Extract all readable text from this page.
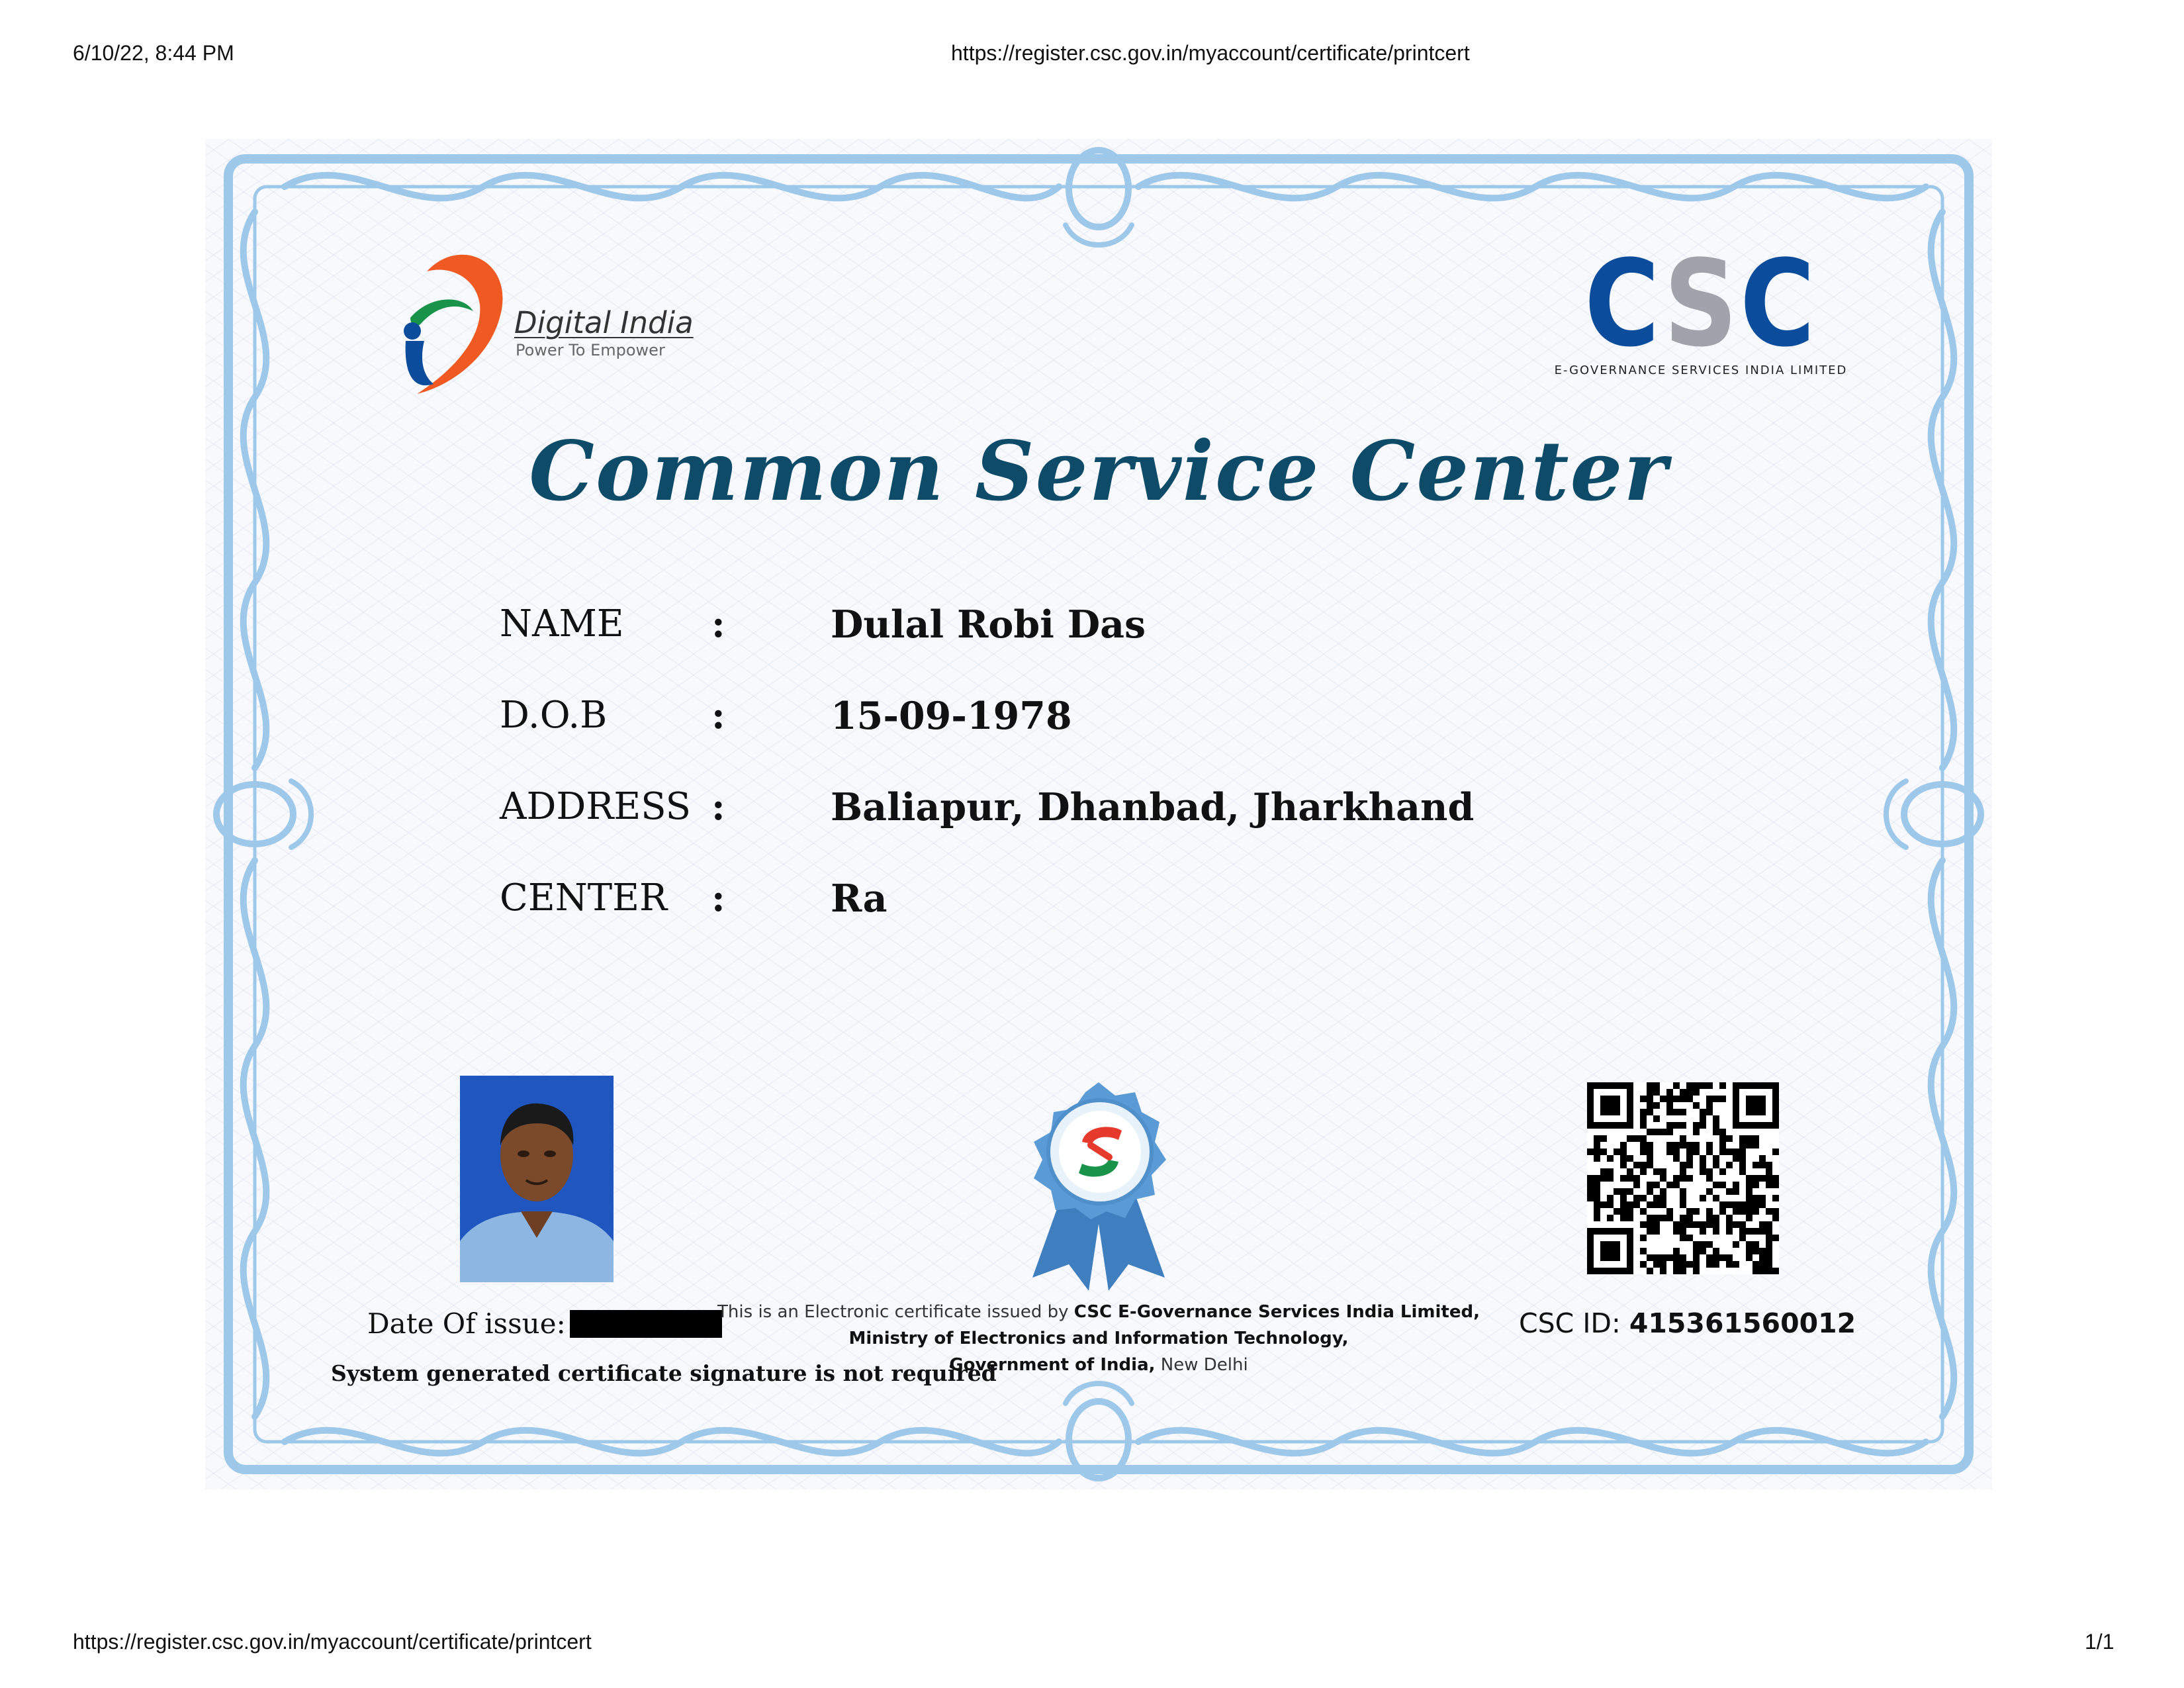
6/10/22, 8:44 PM	https://register.csc.gov.in/myaccount/certificate/printcert
Digital India
Power To Empower	CSC
E-GOVERNANCE SERVICES INDIA LIMITED
Common Service Center
NAME :	Dulal Robi Das
D.O.B	:	15-09-1978
ADDRESS :	Baliapur, Dhanbad, Jharkhand
CENTER :	Ra
Date Of issue:
System generated certificate signature is not required
This is an Electronic certificate issued by CSC E-Governance Services India Limited,
Ministry of Electronics and Information Technology,
Government of India, New Delhi
CSC ID: 415361560012
https://register.csc.gov.in/myaccount/certificate/printcert	1/1
